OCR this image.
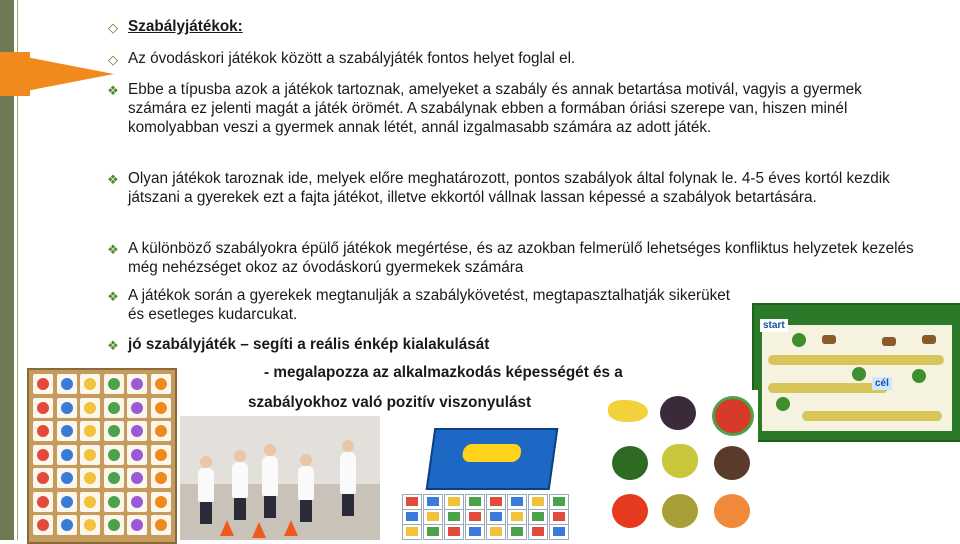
◇ Szabályjátékok:
◇ Az óvodáskori játékok között a szabályjáték fontos helyet foglal el.
❖ Ebbe a típusba azok a játékok tartoznak, amelyeket a szabály és annak betartása motivál, vagyis a gyermek számára ez jelenti magát a játék örömét. A szabálynak ebben a formában óriási szerepe van, hiszen minél komolyabban veszi a gyermek annak létét, annál izgalmasabb számára az adott játék.
❖ Olyan játékok taroznak ide, melyek előre meghatározott, pontos szabályok által folynak le. 4-5 éves kortól kezdik játszani a gyerekek ezt a fajta játékot, illetve ekkortól vállnak lassan képessé a szabályok betartására.
❖ A különböző szabályokra épülő játékok megértése, és az azokban felmerülő lehetséges konfliktus helyzetek kezelés még nehézséget okoz az óvodáskorú gyermekek számára
❖ A játékok során a gyerekek megtanulják a szabálykövetést, megtapasztalhatják sikerüket és esetleges kudarcukat.
❖ jó szabályjáték – segíti a reális énkép kialakulását
- megalapozza az alkalmazkodás képességét és a
szabályokhoz való pozitív viszonyulást
start
cél
